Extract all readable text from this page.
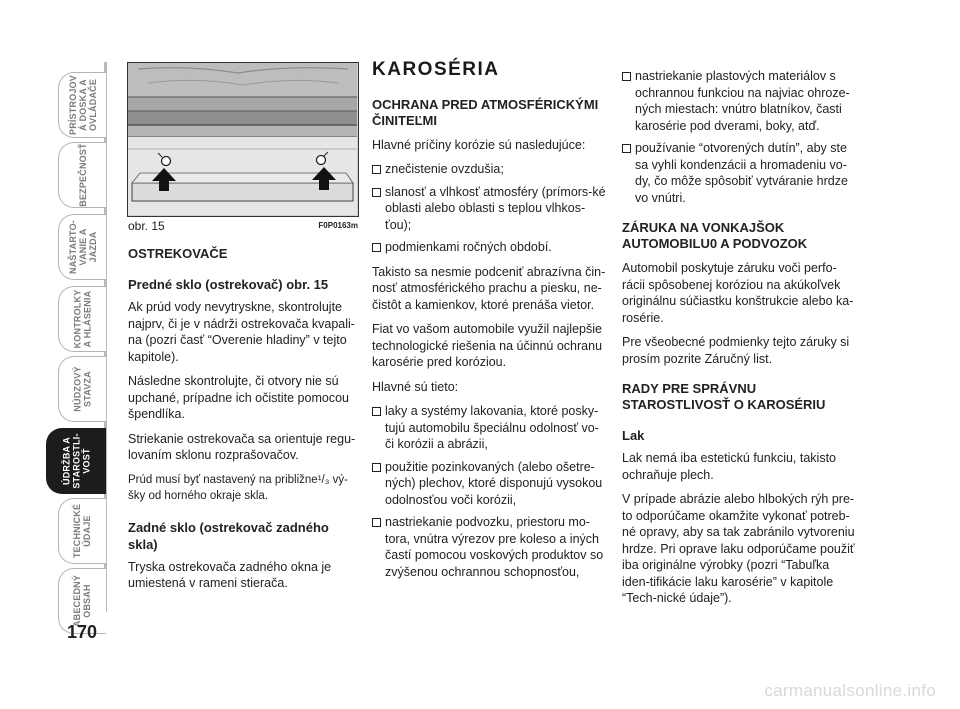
PRÍSTROJOV Á DOSKA A OVLÁDAČE
BEZPEČNOSŤ
NAŠTARTO- VANIE A JAZDA
KONTROLKY A HLÁSENIA
NÚDZOVÝ STAVZA
ÚDRŽBA A STAROSTLI- VOSŤ
TECHNICKÉ ÚDAJE
ABECEDNÝ OBSAH
170
obr. 15	F0P0163m
OSTREKOVAČE
Predné sklo (ostrekovač) obr. 15

Ak prúd vody nevytryskne, skontrolujte najprv, či je v nádrži ostrekovača kvapali-na (pozri časť “Overenie hladiny” v tejto kapitole).

Následne skontrolujte, či otvory nie sú upchané, prípadne ich očistite pomocou špendlíka.

Striekanie ostrekovača sa orientuje regu-lovaním sklonu rozprašovačov.

Prúd musí byť nastavený na približne¹/₃ vý-šky od horného okraje skla.

Zadné sklo (ostrekovač zadného skla)

Tryska ostrekovača zadného okna je umiestená v rameni stierača.

KAROSÉRIA
OCHRANA PRED ATMOSFÉRICKÝMI ČINITEĽMI

Hlavné príčiny korózie sú nasledujúce:

znečistenie ovzdušia;
slanosť a vlhkosť atmosféry (prímors-ké oblasti alebo oblasti s teplou vlhkos-ťou);
podmienkami ročných období.

Takisto sa nesmie podceniť abrazívna čin-nosť atmosférického prachu a piesku, ne-čistôt a kamienkov, ktoré prenáša vietor.

Fiat vo vašom automobile využil najlepšie technologické riešenia na účinnú ochranu karosérie pred koróziou.

Hlavné sú tieto:

laky a systémy lakovania, ktoré posky-tujú automobilu špeciálnu odolnosť vo-či korózii a abrázii,
použitie pozinkovaných (alebo ošetre-ných) plechov, ktoré disponujú vysokou odolnosťou voči korózii,
nastriekanie podvozku, priestoru mo-tora, vnútra výrezov pre koleso a iných častí pomocou voskových produktov so zvýšenou ochrannou schopnosťou,
nastriekanie plastových materiálov s ochrannou funkciou na najviac ohroze-ných miestach: vnútro blatníkov, časti karosérie pod dverami, boky, atď.
používanie “otvorených dutín”, aby ste sa vyhli kondenzácii a hromadeniu vo-dy, čo môže spôsobiť vytváranie hrdze vo vnútri.
ZÁRUKA NA VONKAJŠOK AUTOMOBILU0 A PODVOZOK

Automobil poskytuje záruku voči perfo-rácii spôsobenej koróziou na akúkoľvek originálnu súčiastku konštrukcie alebo ka-rosérie.

Pre všeobecné podmienky tejto záruky si prosím pozrite Záručný list.

RADY PRE SPRÁVNU STAROSTLIVOSŤ O KAROSÉRIU
Lak

Lak nemá iba estetickú funkciu, takisto ochraňuje plech.

V prípade abrázie alebo hlbokých rýh pre-to odporúčame okamžite vykonať potreb-né opravy, aby sa tak zabránilo vytvoreniu hrdze. Pri oprave laku odporúčame použiť iba originálne výrobky (pozri “Tabuľka iden-tifikácie laku karosérie” v kapitole “Tech-nické údaje”).

carmanualsonline.info
